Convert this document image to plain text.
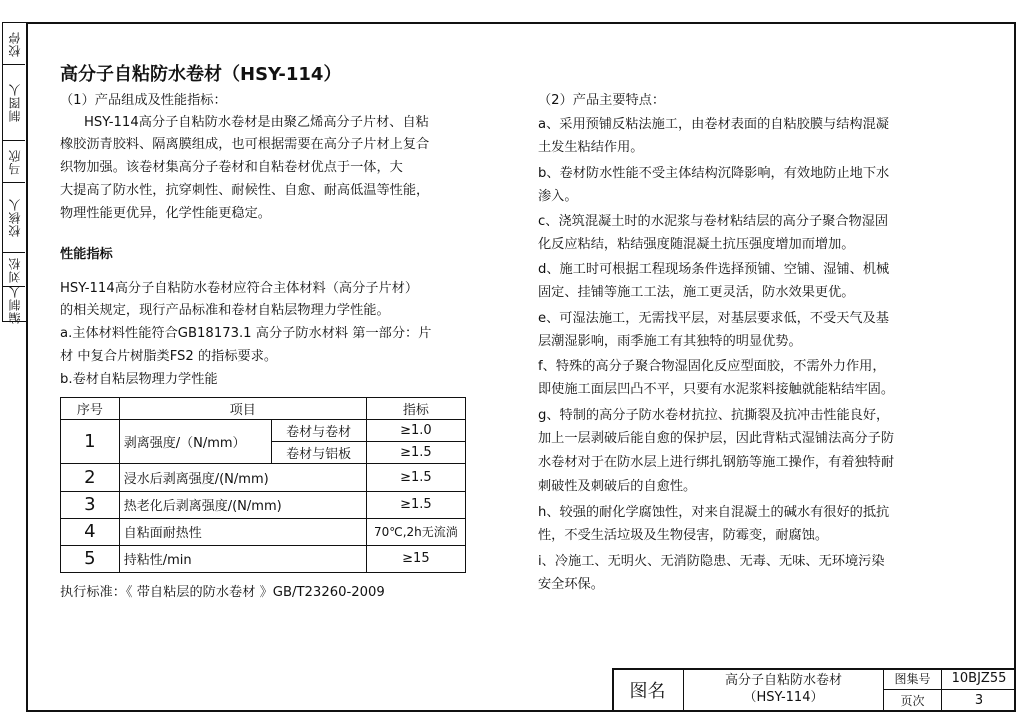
校停
制图人
马欣
校核人
刘松
编制人
高分子自粘防水卷材（HSY-114）
（1）产品组成及性能指标：
HSY-114高分子自粘防水卷材是由聚乙烯高分子片材、自粘
橡胶沥青胶料、隔离膜组成，也可根据需要在高分子片材上复合
织物加强。该卷材集高分子卷材和自粘卷材优点于一体，大
大提高了防水性，抗穿刺性、耐候性、自愈、耐高低温等性能，
物理性能更优异，化学性能更稳定。
性能指标
HSY-114高分子自粘防水卷材应符合主体材料（高分子片材）
的相关规定，现行产品标准和卷材自粘层物理力学性能。
a.主体材料性能符合GB18173.1 高分子防水材料 第一部分：片
材 中复合片树脂类FS2 的指标要求。
b.卷材自粘层物理力学性能
序号	项目		指标
1	剥离强度/（N/mm）	卷材与卷材	≥1.0
		卷材与铝板	≥1.5
2	浸水后剥离强度/(N/mm)		≥1.5
3	热老化后剥离强度/(N/mm)		≥1.5
4	自粘面耐热性		70℃,2h无流淌
5	持粘性/min		≥15
执行标准：《 带自粘层的防水卷材 》GB/T23260-2009
（2）产品主要特点：
a、采用预铺反粘法施工，由卷材表面的自粘胶膜与结构混凝
土发生粘结作用。
b、卷材防水性能不受主体结构沉降影响，有效地防止地下水
渗入。
c、浇筑混凝土时的水泥浆与卷材粘结层的高分子聚合物湿固
化反应粘结，粘结强度随混凝土抗压强度增加而增加。
d、施工时可根据工程现场条件选择预铺、空铺、湿铺、机械
固定、挂铺等施工工法，施工更灵活，防水效果更优。
e、可湿法施工，无需找平层，对基层要求低，不受天气及基
层潮湿影响，雨季施工有其独特的明显优势。
f、特殊的高分子聚合物湿固化反应型面胶，不需外力作用，
即使施工面层凹凸不平，只要有水泥浆料接触就能粘结牢固。
g、特制的高分子防水卷材抗拉、抗撕裂及抗冲击性能良好，
加上一层剥破后能自愈的保护层，因此背粘式湿铺法高分子防
水卷材对于在防水层上进行绑扎钢筋等施工操作，有着独特耐
刺破性及刺破后的自愈性。
h、较强的耐化学腐蚀性，对来自混凝土的碱水有很好的抵抗
性，不受生活垃圾及生物侵害，防霉变，耐腐蚀。
i、冷施工、无明火、无消防隐患、无毒、无味、无环境污染
安全环保。
图名
高分子自粘防水卷材
（HSY-114）
图集号	10BJZ55
页次	3
